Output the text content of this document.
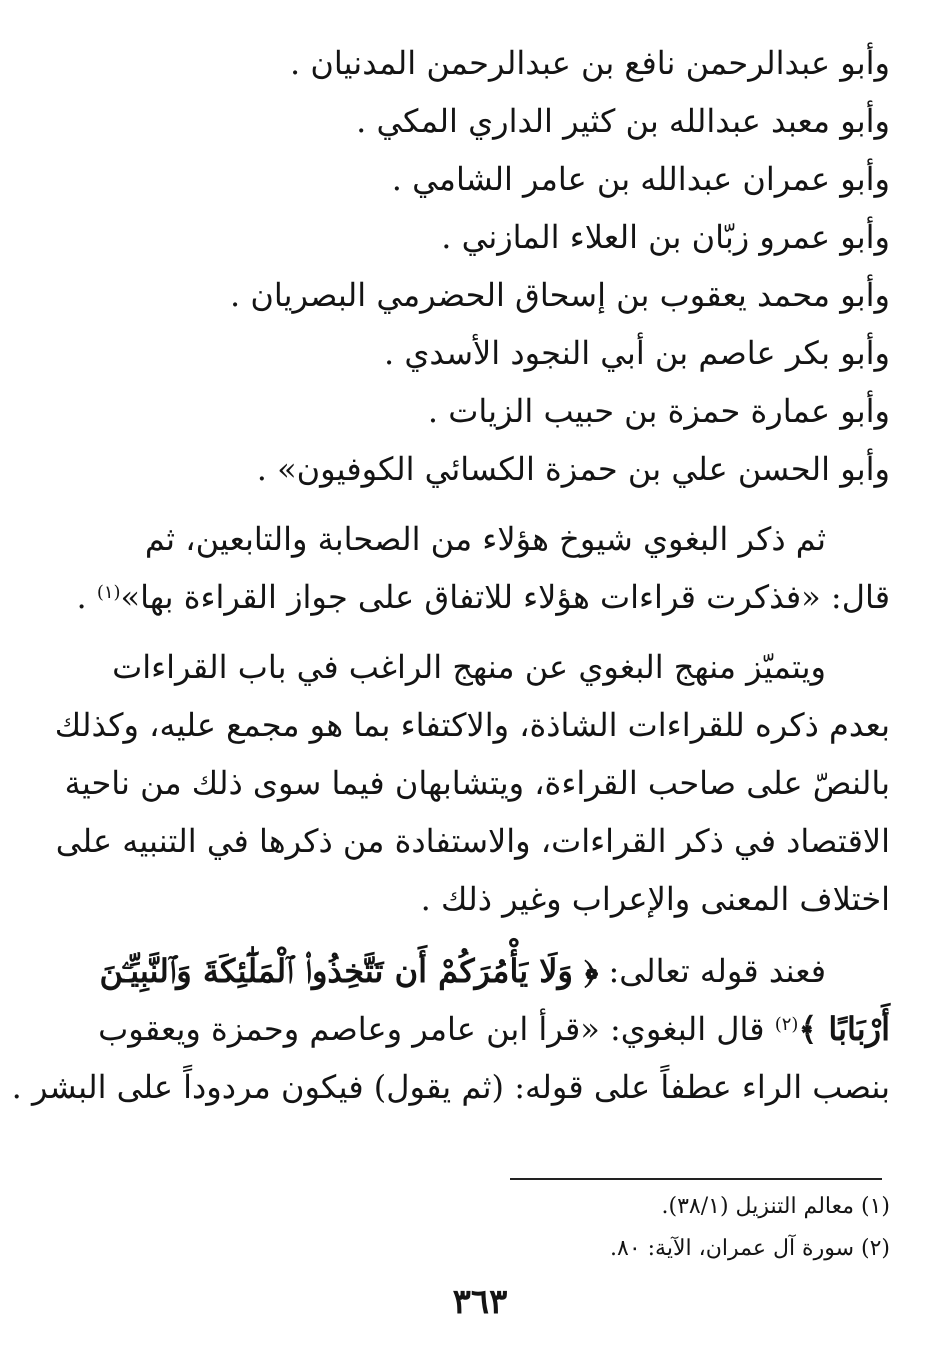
وأبو عبدالرحمن نافع بن عبدالرحمن المدنيان .
وأبو معبد عبدالله بن كثير الداري المكي .
وأبو عمران عبدالله بن عامر الشامي .
وأبو عمرو زبّان بن العلاء المازني .
وأبو محمد يعقوب بن إسحاق الحضرمي البصريان .
وأبو بكر عاصم بن أبي النجود الأسدي .
وأبو عمارة حمزة بن حبيب الزيات .
وأبو الحسن علي بن حمزة الكسائي الكوفيون» .
ثم ذكر البغوي شيوخ هؤلاء من الصحابة والتابعين، ثم
قال: «فذكرت قراءات هؤلاء للاتفاق على جواز القراءة بها»$^{(١)}$ .
ويتميّز منهج البغوي عن منهج الراغب في باب القراءات
بعدم ذكره للقراءات الشاذة، والاكتفاء بما هو مجمع عليه، وكذلك
بالنصّ على صاحب القراءة، ويتشابهان فيما سوى ذلك من ناحية
الاقتصاد في ذكر القراءات، والاستفادة من ذكرها في التنبيه على
اختلاف المعنى والإعراب وغير ذلك .
فعند قوله تعالى: ﴿ وَلَا يَأْمُرَكُمْ أَن تَتَّخِذُوا۟ ٱلْمَلَٰٓئِكَةَ وَٱلنَّبِيِّـۧنَ
أَرْبَابًا ﴾$^{(٢)}$ قال البغوي: «قرأ ابن عامر وعاصم وحمزة ويعقوب
بنصب الراء عطفاً على قوله: (ثم يقول) فيكون مردوداً على البشر .
(١) معالم التنزيل (٣٨/١).
(٢) سورة آل عمران، الآية: ٨٠.
٣٦٣
